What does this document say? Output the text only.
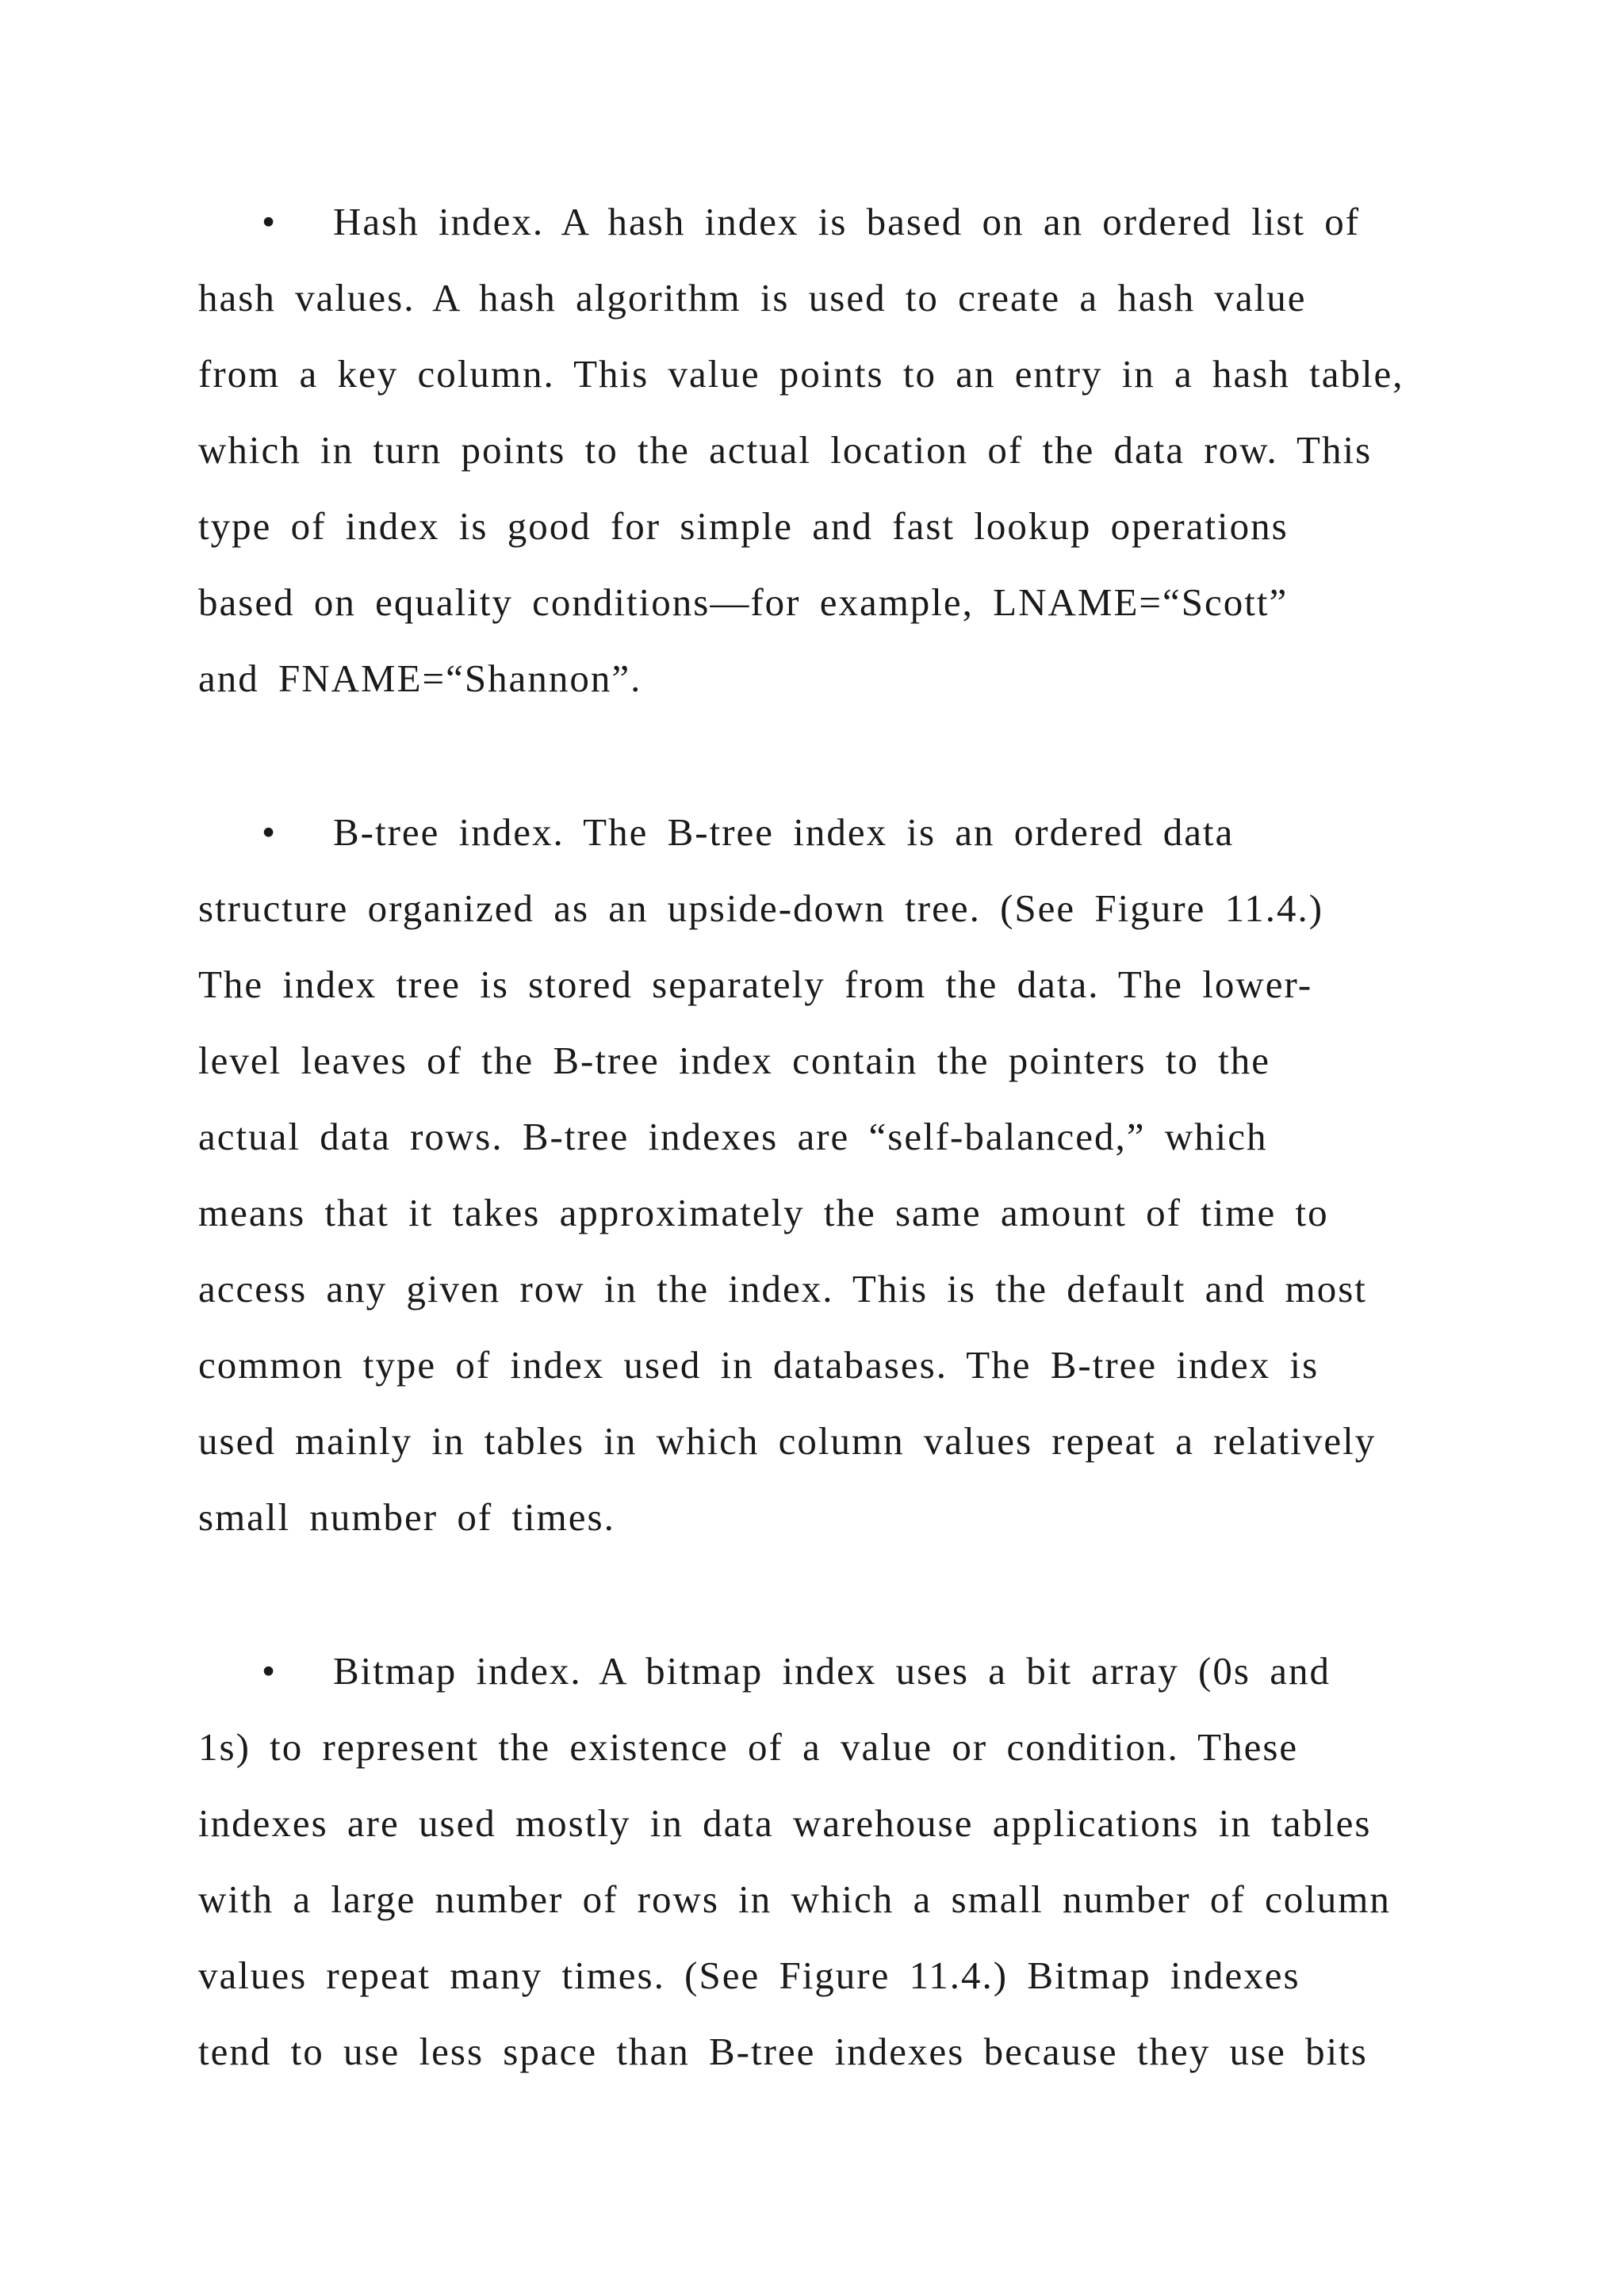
• Hash index. A hash index is based on an ordered list of
hash values. A hash algorithm is used to create a hash value
from a key column. This value points to an entry in a hash table,
which in turn points to the actual location of the data row. This
type of index is good for simple and fast lookup operations
based on equality conditions—for example, LNAME=“Scott”
and FNAME=“Shannon”.
• B-tree index. The B-tree index is an ordered data
structure organized as an upside-down tree. (See Figure 11.4.)
The index tree is stored separately from the data. The lower-
level leaves of the B-tree index contain the pointers to the
actual data rows. B-tree indexes are “self-balanced,” which
means that it takes approximately the same amount of time to
access any given row in the index. This is the default and most
common type of index used in databases. The B-tree index is
used mainly in tables in which column values repeat a relatively
small number of times.
• Bitmap index. A bitmap index uses a bit array (0s and
1s) to represent the existence of a value or condition. These
indexes are used mostly in data warehouse applications in tables
with a large number of rows in which a small number of column
values repeat many times. (See Figure 11.4.) Bitmap indexes
tend to use less space than B-tree indexes because they use bits
